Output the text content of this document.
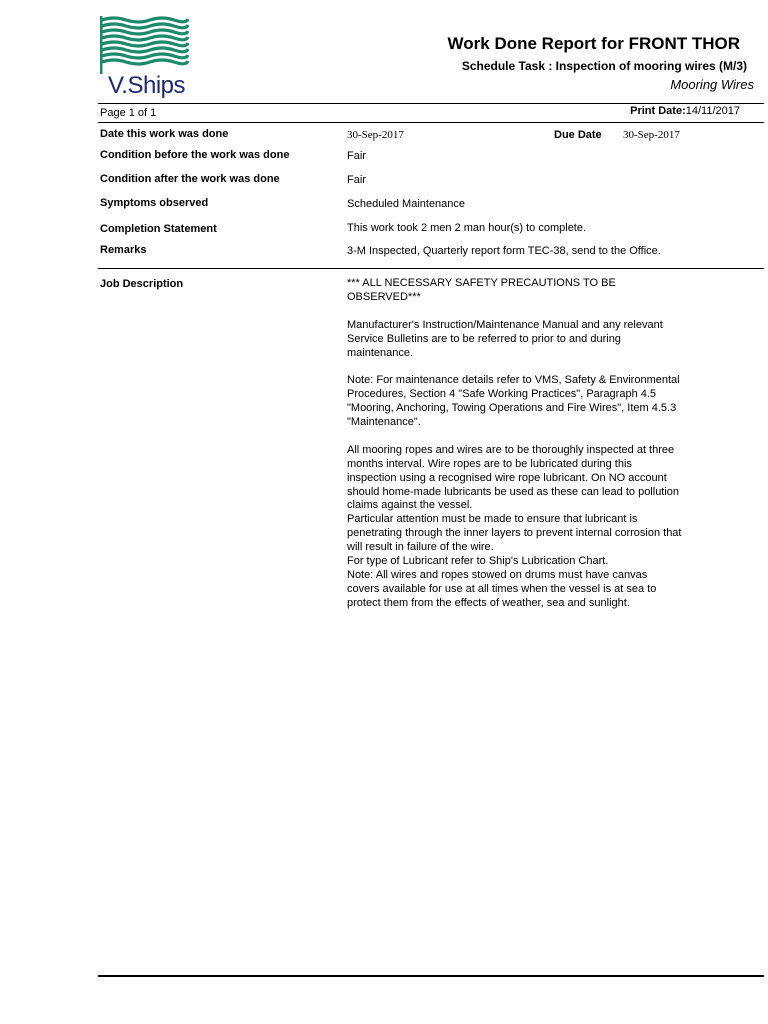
V.Ships
Work Done Report for FRONT THOR
Schedule Task : Inspection of mooring wires (M/3)
Mooring Wires
Page 1 of 1	Print Date:14/11/2017
Date this work was done	30-Sep-2017	Due Date 30-Sep-2017
Condition before the work was done	Fair
Condition after the work was done	Fair
Symptoms observed	Scheduled Maintenance
Completion Statement	This work took 2 men 2 man hour(s) to complete.
Remarks	3-M Inspected, Quarterly report form TEC-38, send to the Office.
Job Description	*** ALL NECESSARY SAFETY PRECAUTIONS TO BE
OBSERVED***

Manufacturer's Instruction/Maintenance Manual and any relevant
Service Bulletins are to be referred to prior to and during
maintenance.

Note: For maintenance details refer to VMS, Safety & Environmental
Procedures, Section 4 "Safe Working Practices", Paragraph 4.5
"Mooring, Anchoring, Towing Operations and Fire Wires", Item 4.5.3
"Maintenance".

All mooring ropes and wires are to be thoroughly inspected at three
months interval. Wire ropes are to be lubricated during this
inspection using a recognised wire rope lubricant. On NO account
should home-made lubricants be used as these can lead to pollution
claims against the vessel.

Particular attention must be made to ensure that lubricant is
penetrating through the inner layers to prevent internal corrosion that
will result in failure of the wire.

For type of Lubricant refer to Ship's Lubrication Chart.

Note: All wires and ropes stowed on drums must have canvas
covers available for use at all times when the vessel is at sea to
protect them from the effects of weather, sea and sunlight.
